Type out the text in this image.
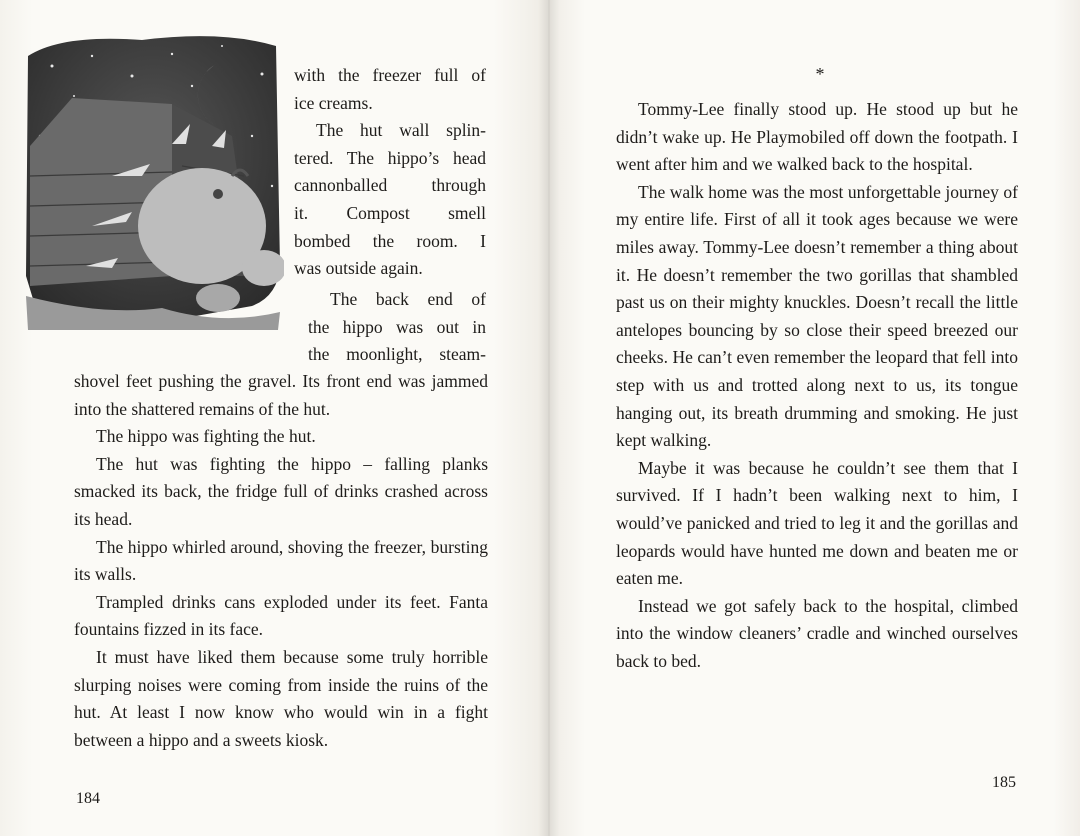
with the freezer full of

ice creams.

The hut wall splin-

tered. The hippo’s head

cannonballed through

it. Compost smell

bombed the room. I

was outside again.

The back end of

the hippo was out in

the moonlight, steam-

shovel feet pushing the gravel. Its front end was jammed into the shattered remains of the hut.

The hippo was fighting the hut.

The hut was fighting the hippo – falling planks smacked its back, the fridge full of drinks crashed across its head.

The hippo whirled around, shoving the freezer, bursting its walls.

Trampled drinks cans exploded under its feet. Fanta fountains fizzed in its face.

It must have liked them because some truly horrible slurping noises were coming from inside the ruins of the hut. At least I now know who would win in a fight between a hippo and a sweets kiosk.

184
*

Tommy-Lee finally stood up. He stood up but he didn’t wake up. He Playmobiled off down the footpath. I went after him and we walked back to the hospital.

The walk home was the most unforgettable journey of my entire life. First of all it took ages because we were miles away. Tommy-Lee doesn’t remember a thing about it. He doesn’t remember the two gorillas that shambled past us on their mighty knuckles. Doesn’t recall the little antelopes bouncing by so close their speed breezed our cheeks. He can’t even remember the leopard that fell into step with us and trotted along next to us, its tongue hanging out, its breath drumming and smoking. He just kept walking.

Maybe it was because he couldn’t see them that I survived. If I hadn’t been walking next to him, I would’ve panicked and tried to leg it and the gorillas and leopards would have hunted me down and beaten me or eaten me.

Instead we got safely back to the hospital, climbed into the window cleaners’ cradle and winched ourselves back to bed.

185
